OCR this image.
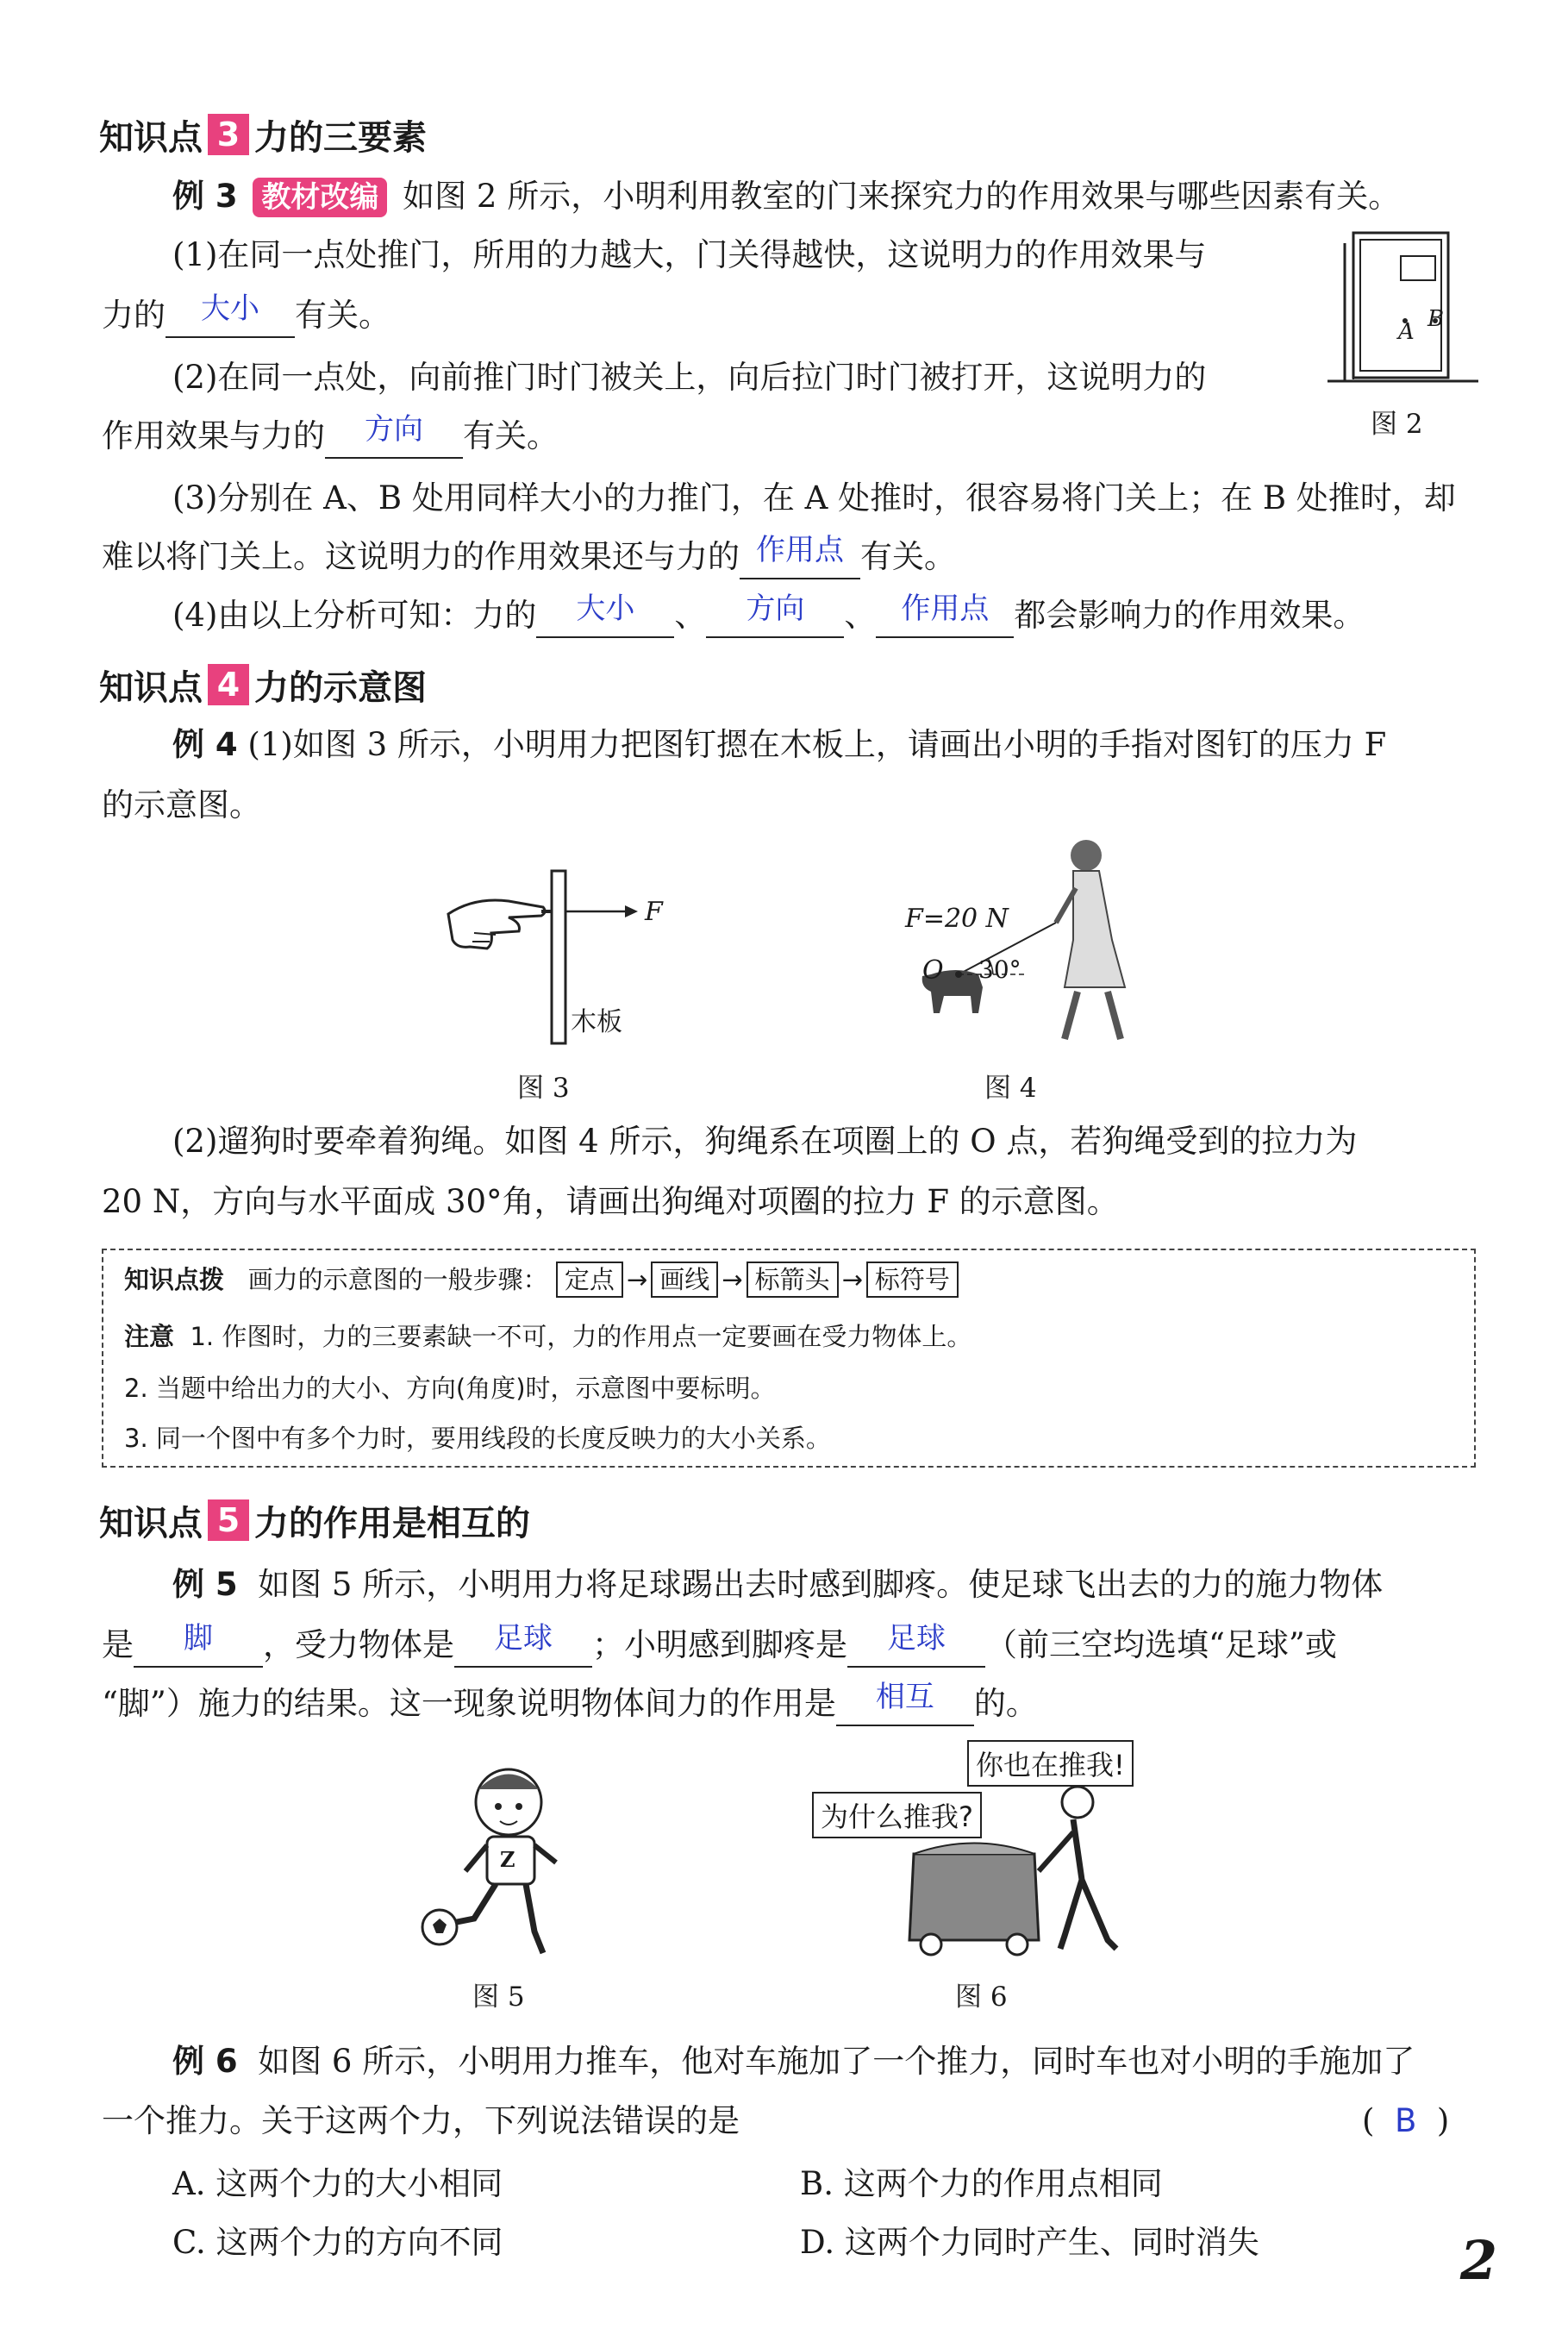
知识点 3 力的三要素
例 3 教材改编 如图 2 所示，小明利用教室的门来探究力的作用效果与哪些因素有关。
(1)在同一点处推门，所用的力越大，门关得越快，这说明力的作用效果与
力的	大小	有关。
(2)在同一点处，向前推门时门被关上，向后拉门时门被打开，这说明力的
作用效果与力的	方向	有关。
A B
图 2
(3)分别在 A、B 处用同样大小的力推门，在 A 处推时，很容易将门关上；在 B 处推时，却
难以将门关上。这说明力的作用效果还与力的 作用点 有关。
(4)由以上分析可知：力的	大小	、	方向	、 作用点 都会影响力的作用效果。
知识点 4 力的示意图
例 4 (1)如图 3 所示，小明用力把图钉摁在木板上，请画出小明的手指对图钉的压力 F
的示意图。
F
木板
图 3
F=20 N
O 30°
图 4
(2)遛狗时要牵着狗绳。如图 4 所示，狗绳系在项圈上的 O 点，若狗绳受到的拉力为
20 N，方向与水平面成 30°角，请画出狗绳对项圈的拉力 F 的示意图。
知识点拨 画力的示意图的一般步骤： 定点 → 画线 → 标箭头 → 标符号
注意 1. 作图时，力的三要素缺一不可，力的作用点一定要画在受力物体上。
2. 当题中给出力的大小、方向(角度)时，示意图中要标明。
3. 同一个图中有多个力时，要用线段的长度反映力的大小关系。
知识点 5 力的作用是相互的
例 5 如图 5 所示，小明用力将足球踢出去时感到脚疼。使足球飞出去的力的施力物体
是	脚	，受力物体是	足球	；小明感到脚疼是	足球	（前三空均选填“足球”或
“脚”）施力的结果。这一现象说明物体间力的作用是	相互	的。
Z
图 5
你也在推我!
为什么推我?
图 6
例 6 如图 6 所示，小明用力推车，他对车施加了一个推力，同时车也对小明的手施加了
一个推力。关于这两个力，下列说法错误的是	(  B  )
A. 这两个力的大小相同	B. 这两个力的作用点相同
C. 这两个力的方向不同	D. 这两个力同时产生、同时消失	2
